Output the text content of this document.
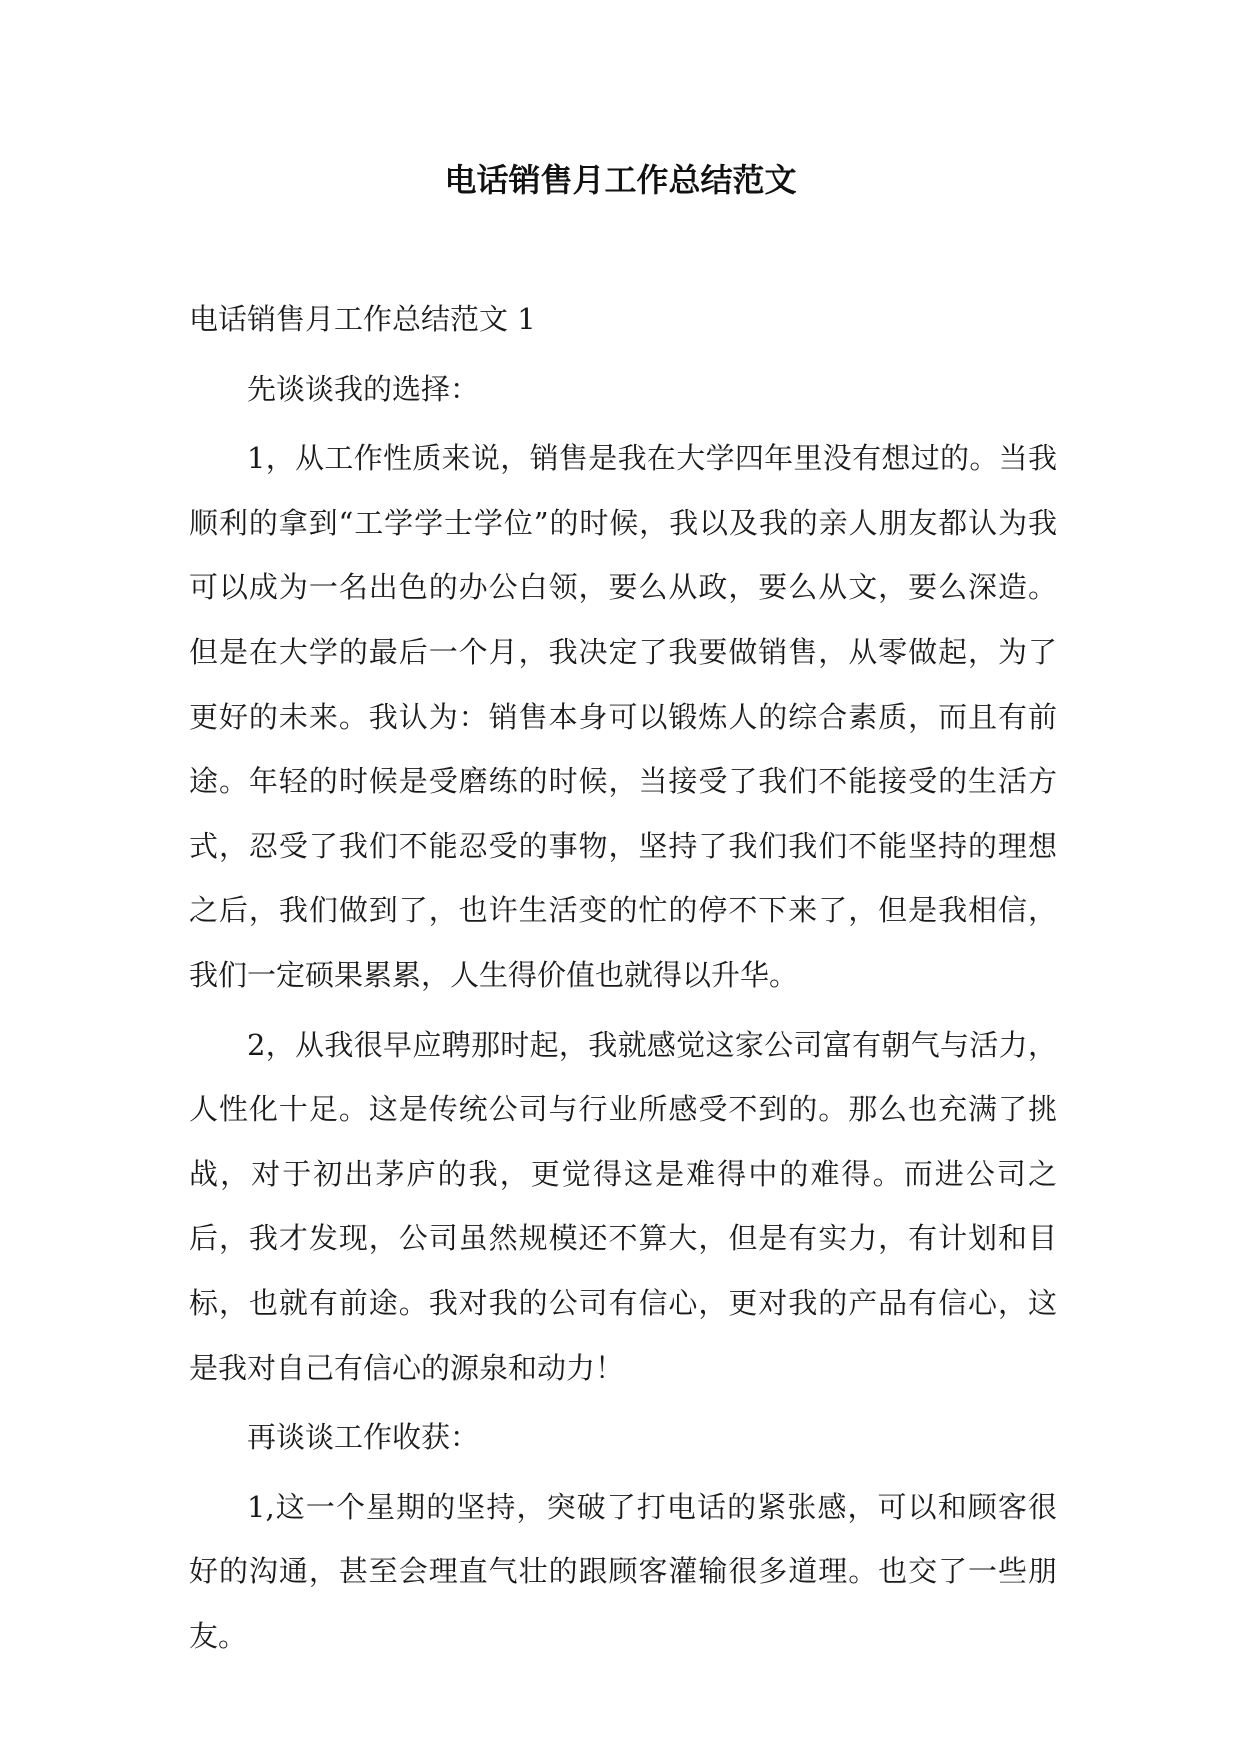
电话销售月工作总结范文

电话销售月工作总结范文 1

先谈谈我的选择：

1，从工作性质来说，销售是我在大学四年里没有想过的。当我顺利的拿到“工学学士学位”的时候，我以及我的亲人朋友都认为我可以成为一名出色的办公白领，要么从政，要么从文，要么深造。但是在大学的最后一个月，我决定了我要做销售，从零做起，为了更好的未来。我认为：销售本身可以锻炼人的综合素质，而且有前途。年轻的时候是受磨练的时候，当接受了我们不能接受的生活方式，忍受了我们不能忍受的事物，坚持了我们我们不能坚持的理想之后，我们做到了，也许生活变的忙的停不下来了，但是我相信，我们一定硕果累累，人生得价值也就得以升华。

2，从我很早应聘那时起，我就感觉这家公司富有朝气与活力，人性化十足。这是传统公司与行业所感受不到的。那么也充满了挑战，对于初出茅庐的我，更觉得这是难得中的难得。而进公司之后，我才发现，公司虽然规模还不算大，但是有实力，有计划和目标，也就有前途。我对我的公司有信心，更对我的产品有信心，这是我对自己有信心的源泉和动力！

再谈谈工作收获：

1,这一个星期的坚持，突破了打电话的紧张感，可以和顾客很好的沟通，甚至会理直气壮的跟顾客灌输很多道理。也交了一些朋友。
